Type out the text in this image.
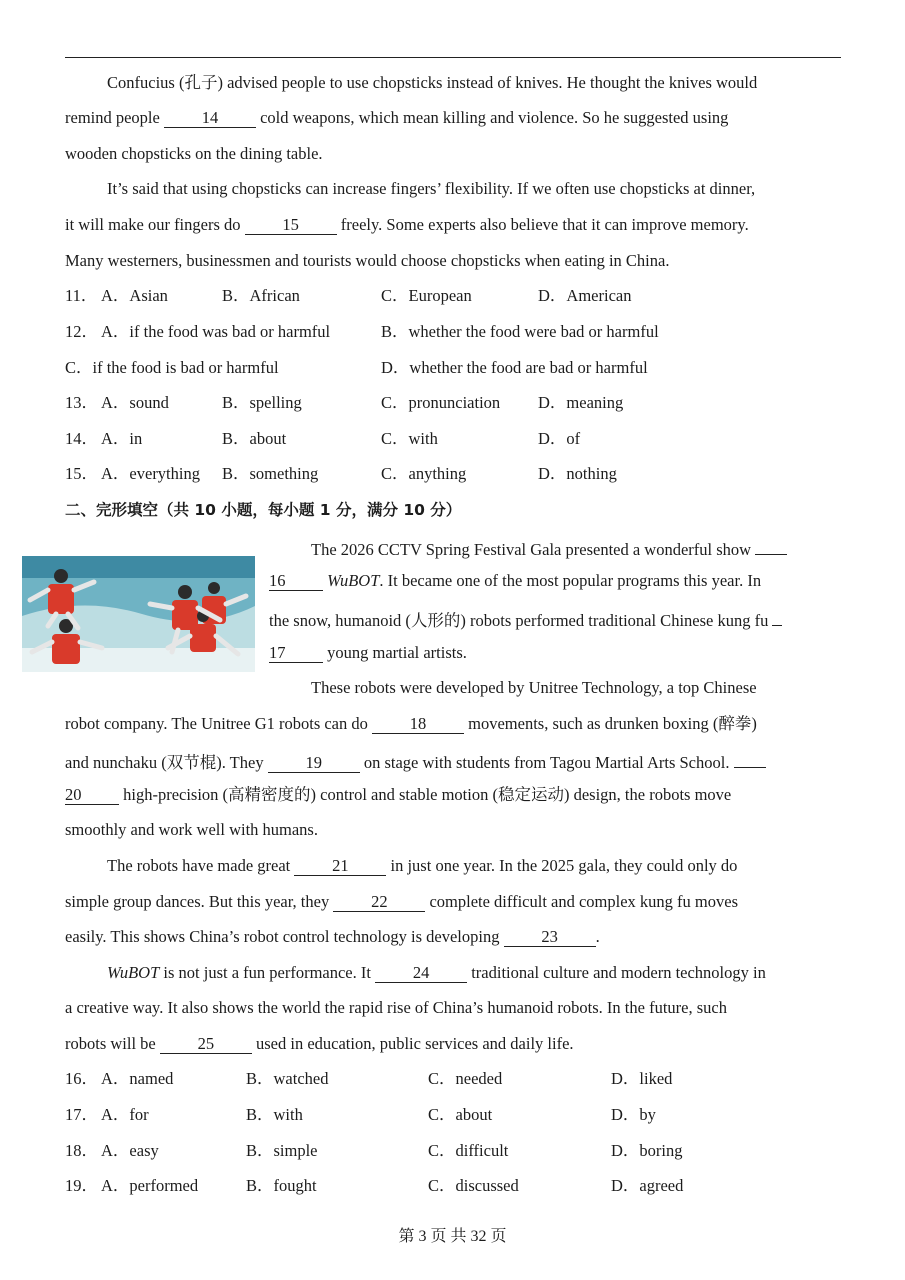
Confucius (孔子) advised people to use chopsticks instead of knives. He thought the knives would
remind people 14 cold weapons, which mean killing and violence. So he suggested using
wooden chopsticks on the dining table.
It’s said that using chopsticks can increase fingers’ flexibility. If we often use chopsticks at dinner,
it will make our fingers do 15 freely. Some experts also believe that it can improve memory.
Many westerners, businessmen and tourists would choose chopsticks when eating in China.
11． A．Asian	B．African	C．European	D．American
12． A．if the food was bad or harmful	B．whether the food were bad or harmful
C．if the food is bad or harmful	D．whether the food are bad or harmful
13． A．sound	B．spelling	C．pronunciation D．meaning
14． A．in	B．about	C．with	D．of
15． A．everything B．something	C．anything	D．nothing
二、完形填空（共 10 小题，每小题 1 分，满分 10 分）
The 2026 CCTV Spring Festival Gala presented a wonderful show
16	WuBOT. It became one of the most popular programs this year. In
the snow, humanoid (人形的) robots performed traditional Chinese kung fu
17 young martial artists.
These robots were developed by Unitree Technology, a top Chinese
robot company. The Unitree G1 robots can do 18 movements, such as drunken boxing (醉拳)
and nunchaku (双节棍). They 19 on stage with students from Tagou Martial Arts School.
20 high-precision (高精密度的) control and stable motion (稳定运动) design, the robots move
smoothly and work well with humans.
The robots have made great 21 in just one year. In the 2025 gala, they could only do
simple group dances. But this year, they 22 complete difficult and complex kung fu moves
easily. This shows China’s robot control technology is developing 23 .
WuBOT is not just a fun performance. It 24 traditional culture and modern technology in
a creative way. It also shows the world the rapid rise of China’s humanoid robots. In the future, such
robots will be 25 used in education, public services and daily life.
16． A．named	B．watched	C．needed	D．liked
17． A．for	B．with	C．about	D．by
18． A．easy	B．simple	C．difficult	D．boring
19． A．performed	B．fought	C．discussed	D．agreed
第 3 页 共 32 页
